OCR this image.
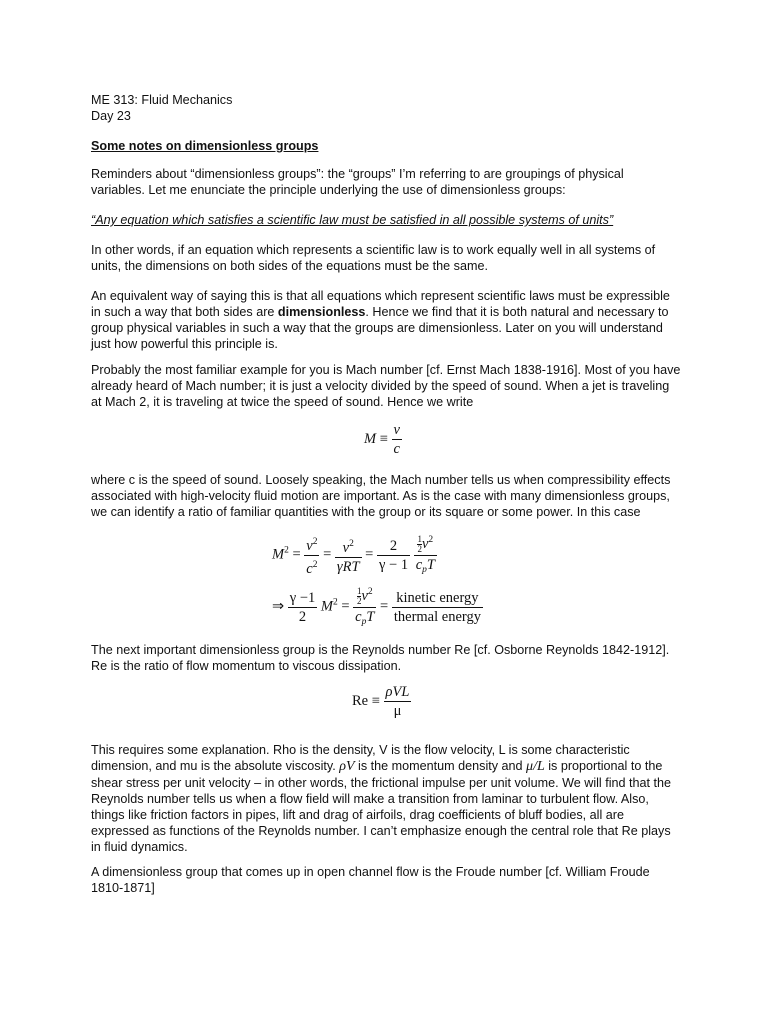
ME 313: Fluid Mechanics
Day 23

Some notes on dimensionless groups

Reminders about “dimensionless groups”: the “groups” I’m referring to are groupings of physical variables. Let me enunciate the principle underlying the use of dimensionless groups:

“Any equation which satisfies a scientific law must be satisfied in all possible systems of units”

In other words, if an equation which represents a scientific law is to work equally well in all systems of units, the dimensions on both sides of the equations must be the same.

An equivalent way of saying this is that all equations which represent scientific laws must be expressible in such a way that both sides are dimensionless. Hence we find that it is both natural and necessary to group physical variables in such a way that the groups are dimensionless. Later on you will understand just how powerful this principle is.

Probably the most familiar example for you is Mach number [cf. Ernst Mach 1838-1916]. Most of you have already heard of Mach number; it is just a velocity divided by the speed of sound. When a jet is traveling at Mach 2, it is traveling at twice the speed of sound. Hence we write

$M \equiv \frac{v}{c}$

where c is the speed of sound. Loosely speaking, the Mach number tells us when compressibility effects associated with high-velocity fluid motion are important. As is the case with many dimensionless groups, we can identify a ratio of familiar quantities with the group or its square or some power. In this case

$M^2 = \frac{v^2}{c^2} = \frac{v^2}{\text{γRT}} = \frac{2}{\gamma - 1}$
$\frac{\frac{1}{2} v^2}{c_pT}$
⇒ $\frac{\gamma -1}{2} M^2 = \frac{\frac{1}{2} v^2}{c_pT} = \frac{\text{kinetic energy}}{\text{thermal energy}}$

The next important dimensionless group is the Reynolds number Re [cf. Osborne Reynolds 1842-1912]. Re is the ratio of flow momentum to viscous dissipation.

$Re \equiv \frac{\text{ρVL}}{\mu}$

This requires some explanation. Rho is the density, V is the flow velocity, L is some characteristic dimension, and mu is the absolute viscosity. ρV is the momentum density and μ/L is proportional to the shear stress per unit velocity – in other words, the frictional impulse per unit volume. We will find that the Reynolds number tells us when a flow field will make a transition from laminar to turbulent flow. Also, things like friction factors in pipes, lift and drag of airfoils, drag coefficients of bluff bodies, all are expressed as functions of the Reynolds number. I can’t emphasize enough the central role that Re plays in fluid dynamics.

A dimensionless group that comes up in open channel flow is the Froude number [cf. William Froude 1810-1871]
